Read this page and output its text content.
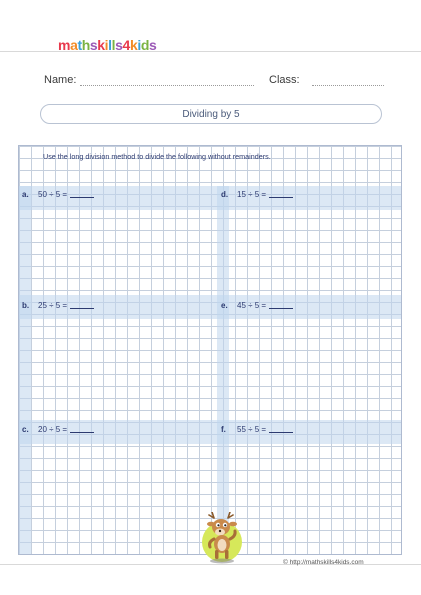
mathskills4kids
Name:	Class:
Dividing by 5
Use the long division method to divide the following without remainders.
a. 50 ÷ 5 =
b. 25 ÷ 5 =
c. 20 ÷ 5 =
d. 15 ÷ 5 =
e. 45 ÷ 5 =
f. 55 ÷ 5 =
© http://mathskills4kids.com
